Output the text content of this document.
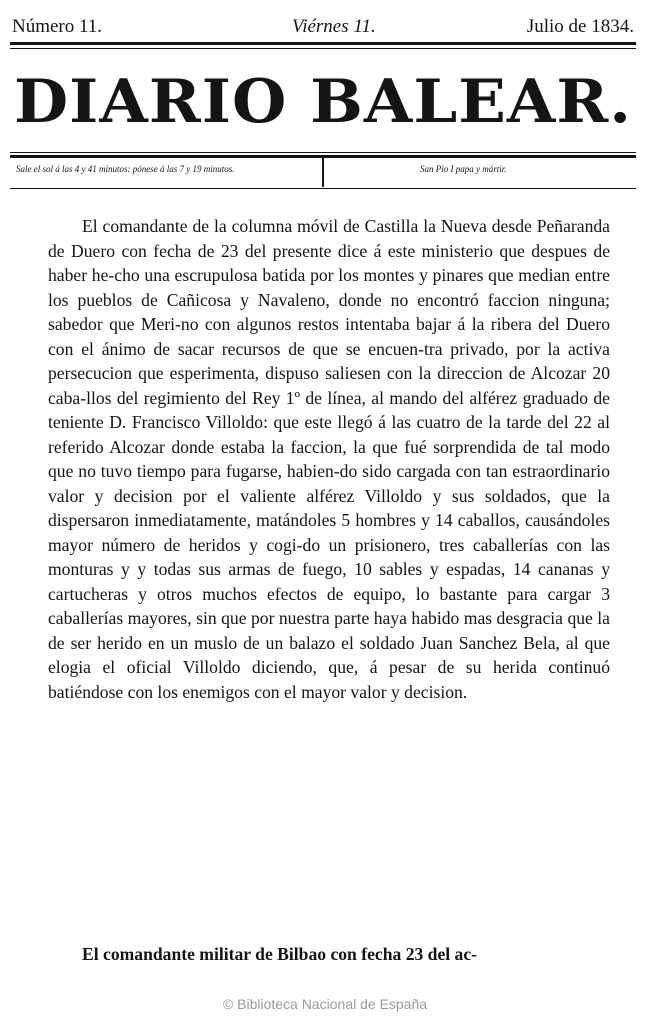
Número 11.	Viérnes 11.	Julio de 1834.
DIARIO BALEAR.
Sale el sol á las 4 y 41 minutos: pónese á las 7 y 19 minutos.	San Pio I papa y mártir.
El comandante de la columna móvil de Castilla la Nueva desde Peñaranda de Duero con fecha de 23 del presente dice á este ministerio que despues de haber he-cho una escrupulosa batida por los montes y pinares que median entre los pueblos de Cañicosa y Navaleno, donde no encontró faccion ninguna; sabedor que Meri-no con algunos restos intentaba bajar á la ribera del Duero con el ánimo de sacar recursos de que se encuen-tra privado, por la activa persecucion que esperimenta, dispuso saliesen con la direccion de Alcozar 20 caba-llos del regimiento del Rey 1º de línea, al mando del alférez graduado de teniente D. Francisco Villoldo: que este llegó á las cuatro de la tarde del 22 al referido Alcozar donde estaba la faccion, la que fué sorprendida de tal modo que no tuvo tiempo para fugarse, habien-do sido cargada con tan estraordinario valor y decision por el valiente alférez Villoldo y sus soldados, que la dispersaron inmediatamente, matándoles 5 hombres y 14 caballos, causándoles mayor número de heridos y cogi-do un prisionero, tres caballerías con las monturas y y todas sus armas de fuego, 10 sables y espadas, 14 cananas y cartucheras y otros muchos efectos de equipo, lo bastante para cargar 3 caballerías mayores, sin que por nuestra parte haya habido mas desgracia que la de ser herido en un muslo de un balazo el soldado Juan Sanchez Bela, al que elogia el oficial Villoldo diciendo, que, á pesar de su herida continuó batiéndose con los enemigos con el mayor valor y decision.
El comandante militar de Bilbao con fecha 23 del ac-
© Biblioteca Nacional de España
